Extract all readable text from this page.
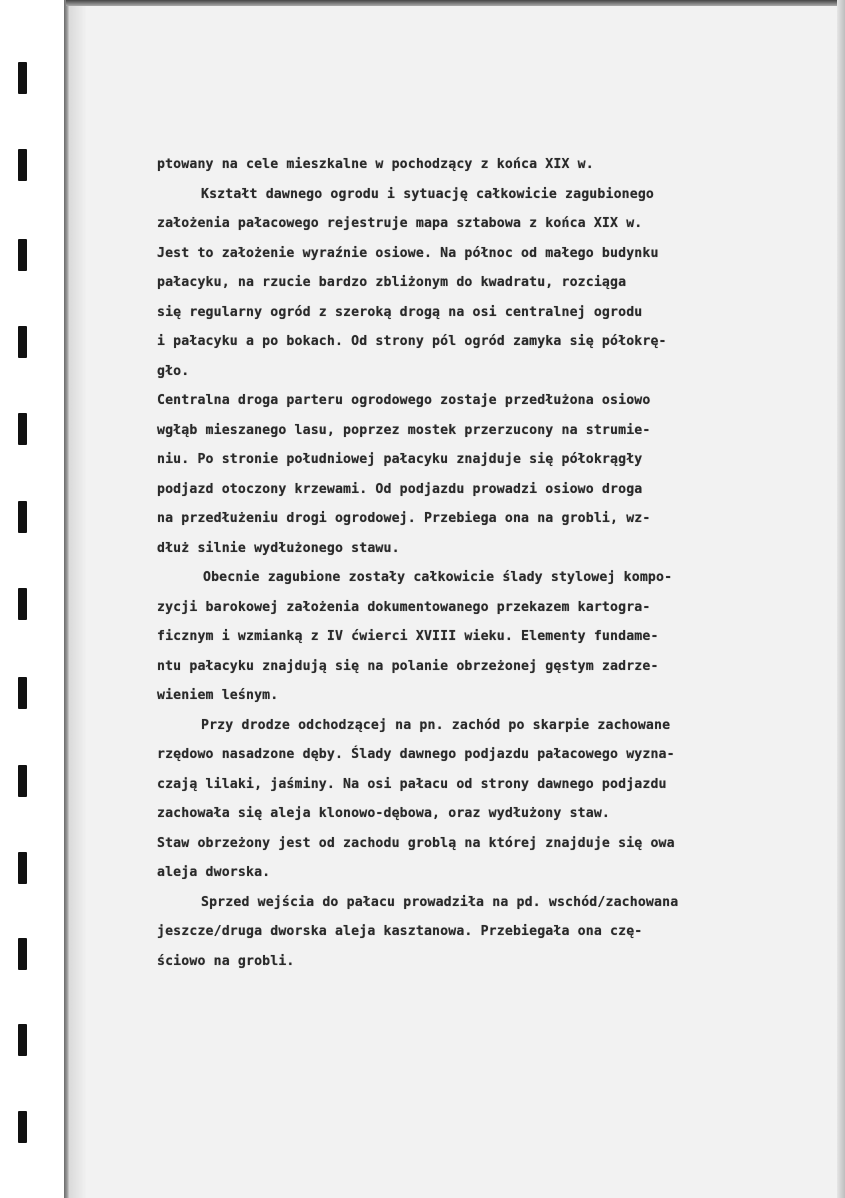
ptowany na cele mieszkalne w pochodzący z końca XIX w.
Kształt dawnego ogrodu i sytuację całkowicie zagubionego
założenia pałacowego rejestruje mapa sztabowa z końca XIX w.
Jest to założenie wyraźnie osiowe. Na północ od małego budynku
pałacyku, na rzucie bardzo zbliżonym do kwadratu, rozciąga
się regularny ogród z szeroką drogą na osi centralnej ogrodu
i pałacyku a po bokach. Od strony pól ogród zamyka się półokrę-
gło.
Centralna droga parteru ogrodowego zostaje przedłużona osiowo
wgłąb mieszanego lasu, poprzez mostek przerzucony na strumie-
niu. Po stronie południowej pałacyku znajduje się półokrągły
podjazd otoczony krzewami. Od podjazdu prowadzi osiowo droga
na przedłużeniu drogi ogrodowej. Przebiega ona na grobli, wz-
dłuż silnie wydłużonego stawu.
Obecnie zagubione zostały całkowicie ślady stylowej kompo-
zycji barokowej założenia dokumentowanego przekazem kartogra-
ficznym i wzmianką z IV ćwierci XVIII wieku. Elementy fundame-
ntu pałacyku znajdują się na polanie obrzeżonej gęstym zadrze-
wieniem leśnym.
Przy drodze odchodzącej na pn. zachód po skarpie zachowane
rzędowo nasadzone dęby. Ślady dawnego podjazdu pałacowego wyzna-
czają lilaki, jaśminy. Na osi pałacu od strony dawnego podjazdu
zachowała się aleja klonowo-dębowa, oraz wydłużony staw.
Staw obrzeżony jest od zachodu groblą na której znajduje się owa
aleja dworska.
Sprzed wejścia do pałacu prowadziła na pd. wschód/zachowana
jeszcze/druga dworska aleja kasztanowa. Przebiegała ona czę-
ściowo na grobli.
